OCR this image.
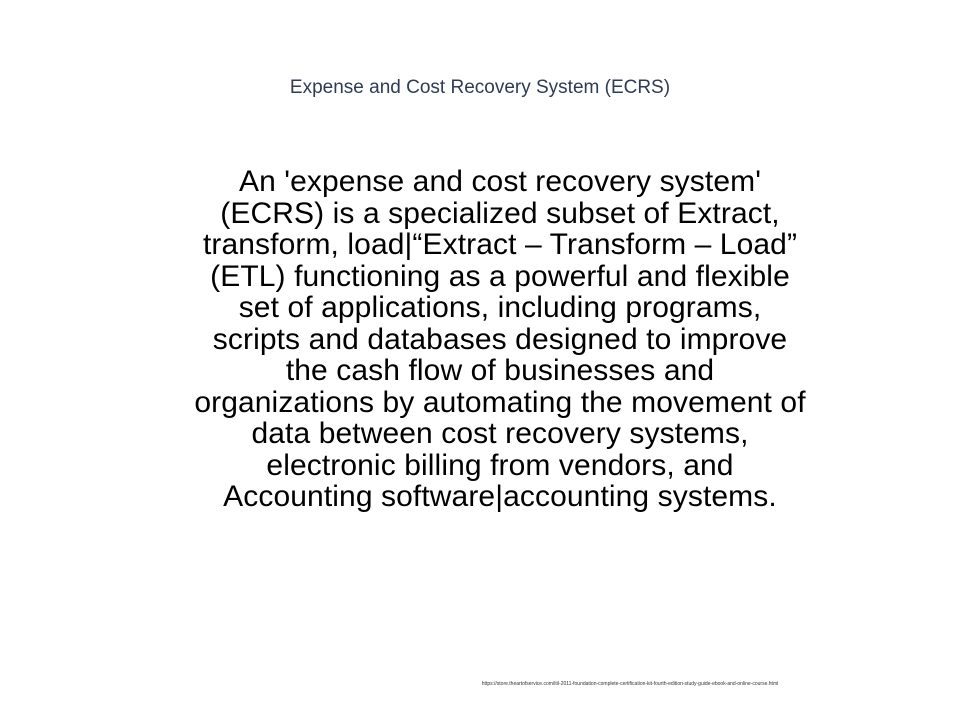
Expense and Cost Recovery System (ECRS)
An 'expense and cost recovery system'
(ECRS) is a specialized subset of Extract,
transform, load|“Extract – Transform – Load”
(ETL) functioning as a powerful and flexible
set of applications, including programs,
scripts and databases designed to improve
the cash flow of businesses and
organizations by automating the movement of
data between cost recovery systems,
electronic billing from vendors, and
Accounting software|accounting systems.
https://store.theartofservice.com/itil-2011-foundation-complete-certification-kit-fourth-edition-study-guide-ebook-and-online-course.html
